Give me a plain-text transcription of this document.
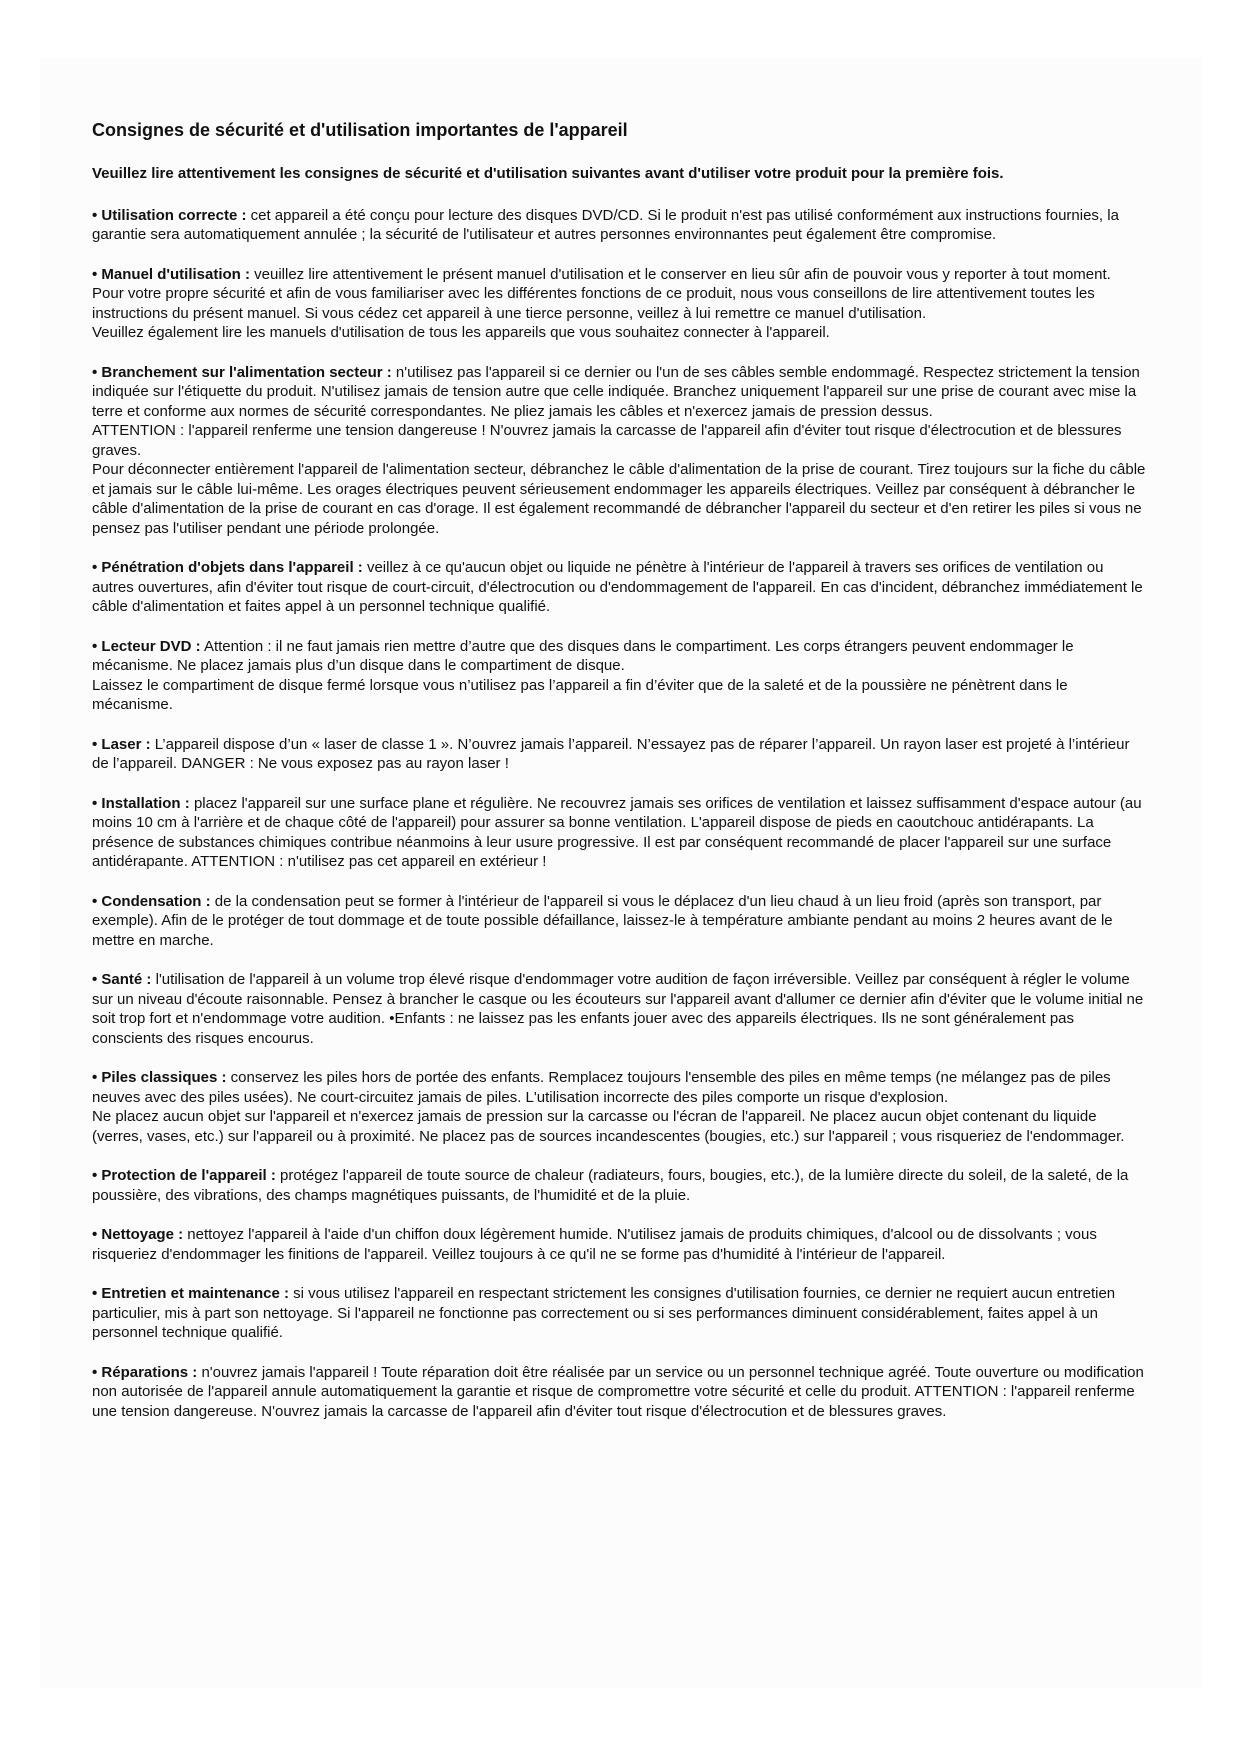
Consignes de sécurité et d'utilisation importantes de l'appareil

Veuillez lire attentivement les consignes de sécurité et d'utilisation suivantes avant d'utiliser votre produit pour la première fois.

• Utilisation correcte : cet appareil a été conçu pour lecture des disques DVD/CD. Si le produit n'est pas utilisé conformément aux instructions fournies, la garantie sera automatiquement annulée ; la sécurité de l'utilisateur et autres personnes environnantes peut également être compromise.

• Manuel d'utilisation : veuillez lire attentivement le présent manuel d'utilisation et le conserver en lieu sûr afin de pouvoir vous y reporter à tout moment. Pour votre propre sécurité et afin de vous familiariser avec les différentes fonctions de ce produit, nous vous conseillons de lire attentivement toutes les instructions du présent manuel. Si vous cédez cet appareil à une tierce personne, veillez à lui remettre ce manuel d'utilisation.

Veuillez également lire les manuels d'utilisation de tous les appareils que vous souhaitez connecter à l'appareil.

• Branchement sur l'alimentation secteur : n'utilisez pas l'appareil si ce dernier ou l'un de ses câbles semble endommagé. Respectez strictement la tension indiquée sur l'étiquette du produit. N'utilisez jamais de tension autre que celle indiquée. Branchez uniquement l'appareil sur une prise de courant avec mise la terre et conforme aux normes de sécurité correspondantes. Ne pliez jamais les câbles et n'exercez jamais de pression dessus.

ATTENTION : l'appareil renferme une tension dangereuse ! N'ouvrez jamais la carcasse de l'appareil afin d'éviter tout risque d'électrocution et de blessures graves.

Pour déconnecter entièrement l'appareil de l'alimentation secteur, débranchez le câble d'alimentation de la prise de courant. Tirez toujours sur la fiche du câble et jamais sur le câble lui-même. Les orages électriques peuvent sérieusement endommager les appareils électriques. Veillez par conséquent à débrancher le câble d'alimentation de la prise de courant en cas d'orage. Il est également recommandé de débrancher l'appareil du secteur et d'en retirer les piles si vous ne pensez pas l'utiliser pendant une période prolongée.

• Pénétration d'objets dans l'appareil : veillez à ce qu'aucun objet ou liquide ne pénètre à l'intérieur de l'appareil à travers ses orifices de ventilation ou autres ouvertures, afin d'éviter tout risque de court-circuit, d'électrocution ou d'endommagement de l'appareil. En cas d'incident, débranchez immédiatement le câble d'alimentation et faites appel à un personnel technique qualifié.

• Lecteur DVD : Attention : il ne faut jamais rien mettre d’autre que des disques dans le compartiment. Les corps étrangers peuvent endommager le mécanisme. Ne placez jamais plus d’un disque dans le compartiment de disque.

Laissez le compartiment de disque fermé lorsque vous n’utilisez pas l’appareil a fin d’éviter que de la saleté et de la poussière ne pénètrent dans le mécanisme.

• Laser : L’appareil dispose d’un « laser de classe 1 ». N’ouvrez jamais l’appareil. N’essayez pas de réparer l’appareil. Un rayon laser est projeté à l’intérieur de l’appareil. DANGER : Ne vous exposez pas au rayon laser !

• Installation : placez l'appareil sur une surface plane et régulière. Ne recouvrez jamais ses orifices de ventilation et laissez suffisamment d'espace autour (au moins 10 cm à l'arrière et de chaque côté de l'appareil) pour assurer sa bonne ventilation. L'appareil dispose de pieds en caoutchouc antidérapants. La présence de substances chimiques contribue néanmoins à leur usure progressive. Il est par conséquent recommandé de placer l'appareil sur une surface antidérapante. ATTENTION : n'utilisez pas cet appareil en extérieur !

• Condensation : de la condensation peut se former à l'intérieur de l'appareil si vous le déplacez d'un lieu chaud à un lieu froid (après son transport, par exemple). Afin de le protéger de tout dommage et de toute possible défaillance, laissez-le à température ambiante pendant au moins 2 heures avant de le mettre en marche.

• Santé : l'utilisation de l'appareil à un volume trop élevé risque d'endommager votre audition de façon irréversible. Veillez par conséquent à régler le volume sur un niveau d'écoute raisonnable. Pensez à brancher le casque ou les écouteurs sur l'appareil avant d'allumer ce dernier afin d'éviter que le volume initial ne soit trop fort et n'endommage votre audition. •Enfants : ne laissez pas les enfants jouer avec des appareils électriques. Ils ne sont généralement pas conscients des risques encourus.

• Piles classiques : conservez les piles hors de portée des enfants. Remplacez toujours l'ensemble des piles en même temps (ne mélangez pas de piles neuves avec des piles usées). Ne court-circuitez jamais de piles. L'utilisation incorrecte des piles comporte un risque d'explosion.

Ne placez aucun objet sur l'appareil et n'exercez jamais de pression sur la carcasse ou l'écran de l'appareil. Ne placez aucun objet contenant du liquide (verres, vases, etc.) sur l'appareil ou à proximité. Ne placez pas de sources incandescentes (bougies, etc.) sur l'appareil ; vous risqueriez de l'endommager.

• Protection de l'appareil : protégez l'appareil de toute source de chaleur (radiateurs, fours, bougies, etc.), de la lumière directe du soleil, de la saleté, de la poussière, des vibrations, des champs magnétiques puissants, de l'humidité et de la pluie.

• Nettoyage : nettoyez l'appareil à l'aide d'un chiffon doux légèrement humide. N'utilisez jamais de produits chimiques, d'alcool ou de dissolvants ; vous risqueriez d'endommager les finitions de l'appareil. Veillez toujours à ce qu'il ne se forme pas d'humidité à l'intérieur de l'appareil.

• Entretien et maintenance : si vous utilisez l'appareil en respectant strictement les consignes d'utilisation fournies, ce dernier ne requiert aucun entretien particulier, mis à part son nettoyage. Si l'appareil ne fonctionne pas correctement ou si ses performances diminuent considérablement, faites appel à un personnel technique qualifié.

• Réparations : n'ouvrez jamais l'appareil ! Toute réparation doit être réalisée par un service ou un personnel technique agréé. Toute ouverture ou modification non autorisée de l'appareil annule automatiquement la garantie et risque de compromettre votre sécurité et celle du produit. ATTENTION : l'appareil renferme une tension dangereuse. N'ouvrez jamais la carcasse de l'appareil afin d'éviter tout risque d'électrocution et de blessures graves.
